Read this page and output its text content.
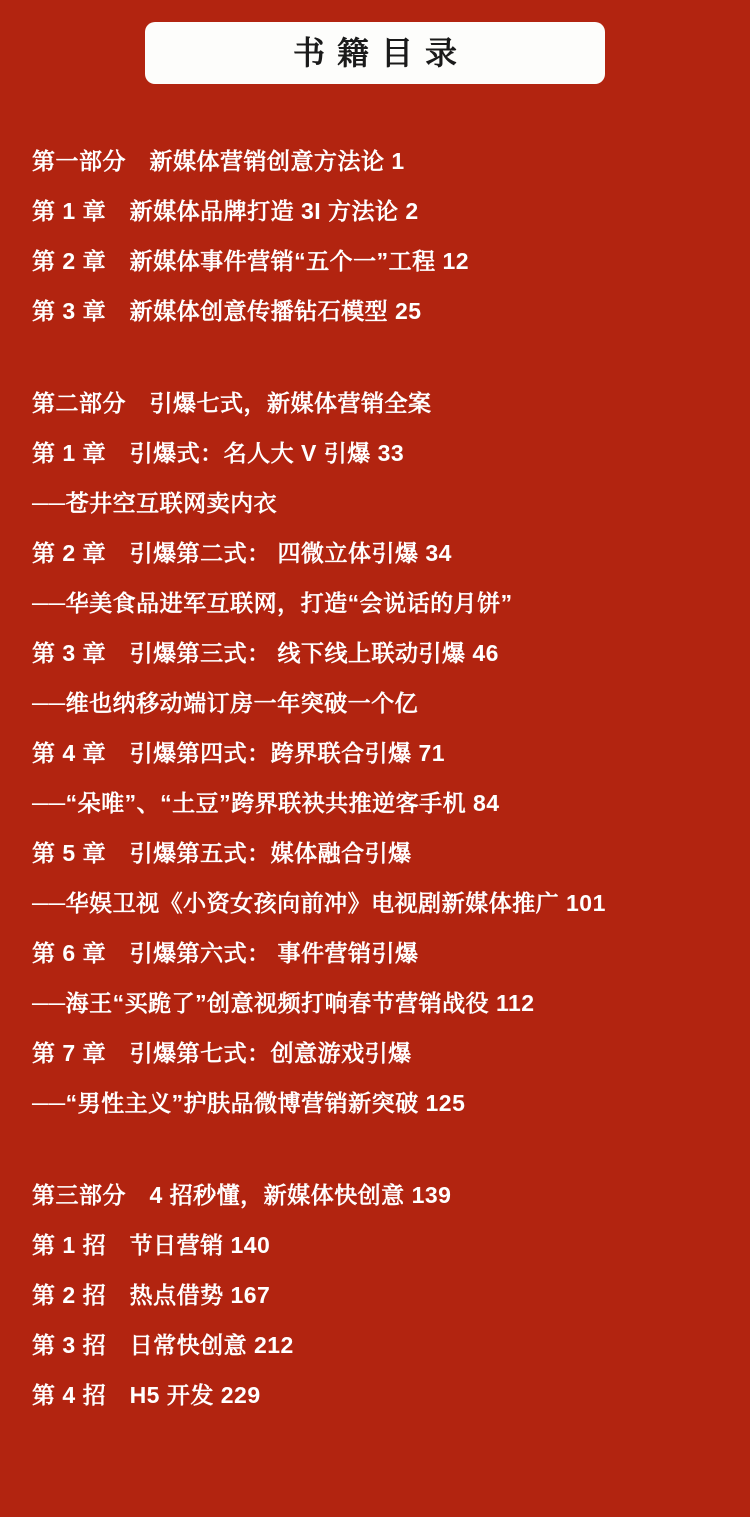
书籍目录
第一部分　新媒体营销创意方法论 1
第 1 章　新媒体品牌打造 3I 方法论 2
第 2 章　新媒体事件营销“五个一”工程 12
第 3 章　新媒体创意传播钻石模型 25
第二部分　引爆七式，新媒体营销全案
第 1 章　引爆式：名人大 V 引爆 33
──苍井空互联网卖内衣
第 2 章　引爆第二式： 四微立体引爆 34
──华美食品进军互联网，打造“会说话的月饼”
第 3 章　引爆第三式： 线下线上联动引爆 46
──维也纳移动端订房一年突破一个亿
第 4 章　引爆第四式：跨界联合引爆 71
──“朵唯”、“土豆”跨界联袂共推逆客手机 84
第 5 章　引爆第五式：媒体融合引爆
──华娱卫视《小资女孩向前冲》电视剧新媒体推广 101
第 6 章　引爆第六式： 事件营销引爆
──海王“买跪了”创意视频打响春节营销战役 112
第 7 章　引爆第七式：创意游戏引爆
──“男性主义”护肤品微博营销新突破 125
第三部分　4 招秒懂，新媒体快创意 139
第 1 招　节日营销 140
第 2 招　热点借势 167
第 3 招　日常快创意 212
第 4 招　H5 开发 229
